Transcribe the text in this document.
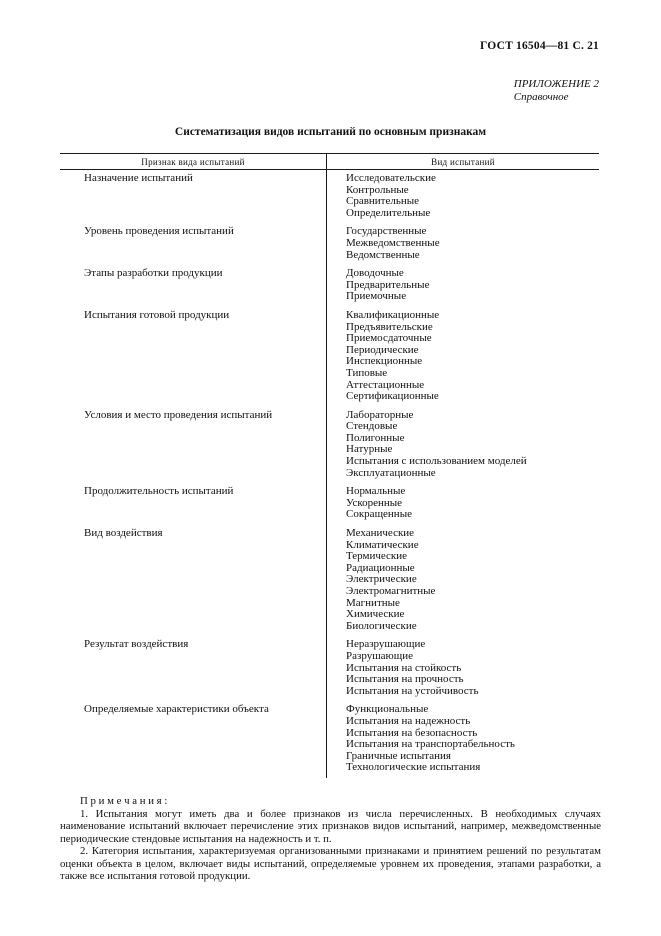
ГОСТ 16504—81 С. 21
ПРИЛОЖЕНИЕ 2
Справочное
Систематизация видов испытаний по основным признакам
Признак вида испытаний	Вид испытаний
Назначение испытаний	Исследовательские
Контрольные
Сравнительные
Определительные
Уровень проведения испытаний	Государственные
Межведомственные
Ведомственные
Этапы разработки продукции	Доводочные
Предварительные
Приемочные
Испытания готовой продукции	Квалификационные
Предъявительские
Приемосдаточные
Периодические
Инспекционные
Типовые
Аттестационные
Сертификационные
Условия и место проведения испытаний	Лабораторные
Стендовые
Полигонные
Натурные
Испытания с использованием моделей
Эксплуатационные
Продолжительность испытаний	Нормальные
Ускоренные
Сокращенные
Вид воздействия	Механические
Климатические
Термические
Радиационные
Электрические
Электромагнитные
Магнитные
Химические
Биологические
Результат воздействия	Неразрушающие
Разрушающие
Испытания на стойкость
Испытания на прочность
Испытания на устойчивость
Определяемые характеристики объекта	Функциональные
Испытания на надежность
Испытания на безопасность
Испытания на транспортабельность
Граничные испытания
Технологические испытания
П р и м е ч а н и я :
1. Испытания могут иметь два и более признаков из числа перечисленных. В необходимых случаях наименование испытаний включает перечисление этих признаков видов испытаний, например, межведомственные периодические стендовые испытания на надежность и т. п.
2. Категория испытания, характеризуемая организованными признаками и принятием решений по результатам оценки объекта в целом, включает виды испытаний, определяемые уровнем их проведения, этапами разработки, а также все испытания готовой продукции.
